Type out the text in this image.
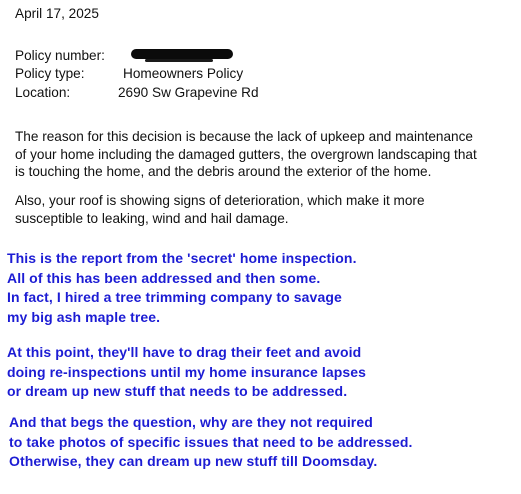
April 17, 2025
Policy number:
Policy type:	Homeowners Policy
Location:	2690 Sw Grapevine Rd
The reason for this decision is because the lack of upkeep and maintenance
of your home including the damaged gutters, the overgrown landscaping that
is touching the home, and the debris around the exterior of the home.
Also, your roof is showing signs of deterioration, which make it more
susceptible to leaking, wind and hail damage.
This is the report from the 'secret' home inspection.
All of this has been addressed and then some.
In fact, I hired a tree trimming company to savage
my big ash maple tree.
At this point, they'll have to drag their feet and avoid
doing re-inspections until my home insurance lapses
or dream up new stuff that needs to be addressed.
And that begs the question, why are they not required
to take photos of specific issues that need to be addressed.
Otherwise, they can dream up new stuff till Doomsday.
